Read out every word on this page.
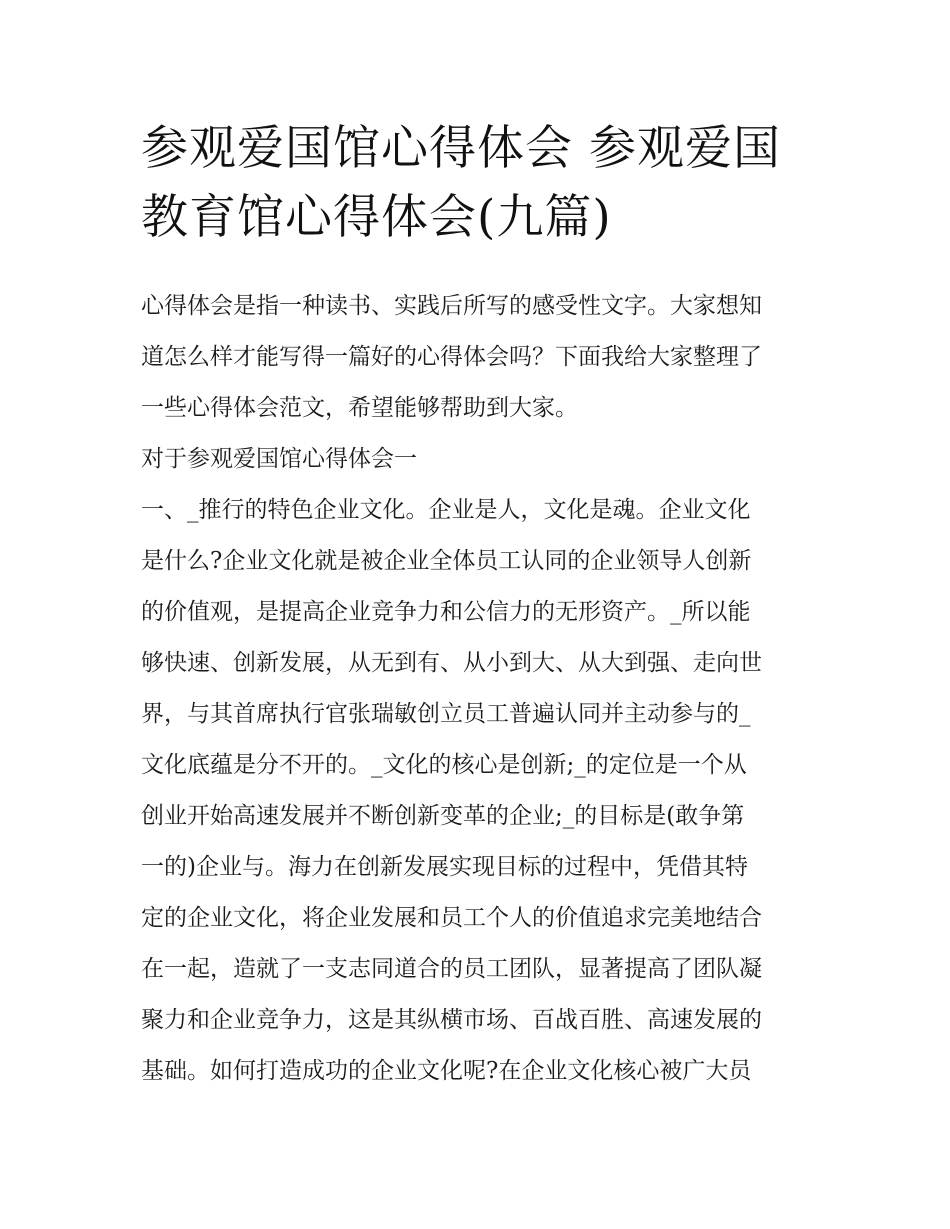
参观爱国馆心得体会 参观爱国
教育馆心得体会(九篇)
心得体会是指一种读书、实践后所写的感受性文字。大家想知
道怎么样才能写得一篇好的心得体会吗？下面我给大家整理了
一些心得体会范文，希望能够帮助到大家。
对于参观爱国馆心得体会一
一、_推行的特色企业文化。企业是人，文化是魂。企业文化
是什么?企业文化就是被企业全体员工认同的企业领导人创新
的价值观，是提高企业竞争力和公信力的无形资产。_所以能
够快速、创新发展，从无到有、从小到大、从大到强、走向世
界，与其首席执行官张瑞敏创立员工普遍认同并主动参与的_
文化底蕴是分不开的。_文化的核心是创新;_的定位是一个从
创业开始高速发展并不断创新变革的企业;_的目标是(敢争第
一的)企业与。海力在创新发展实现目标的过程中，凭借其特
定的企业文化，将企业发展和员工个人的价值追求完美地结合
在一起，造就了一支志同道合的员工团队，显著提高了团队凝
聚力和企业竞争力，这是其纵横市场、百战百胜、高速发展的
基础。如何打造成功的企业文化呢?在企业文化核心被广大员
